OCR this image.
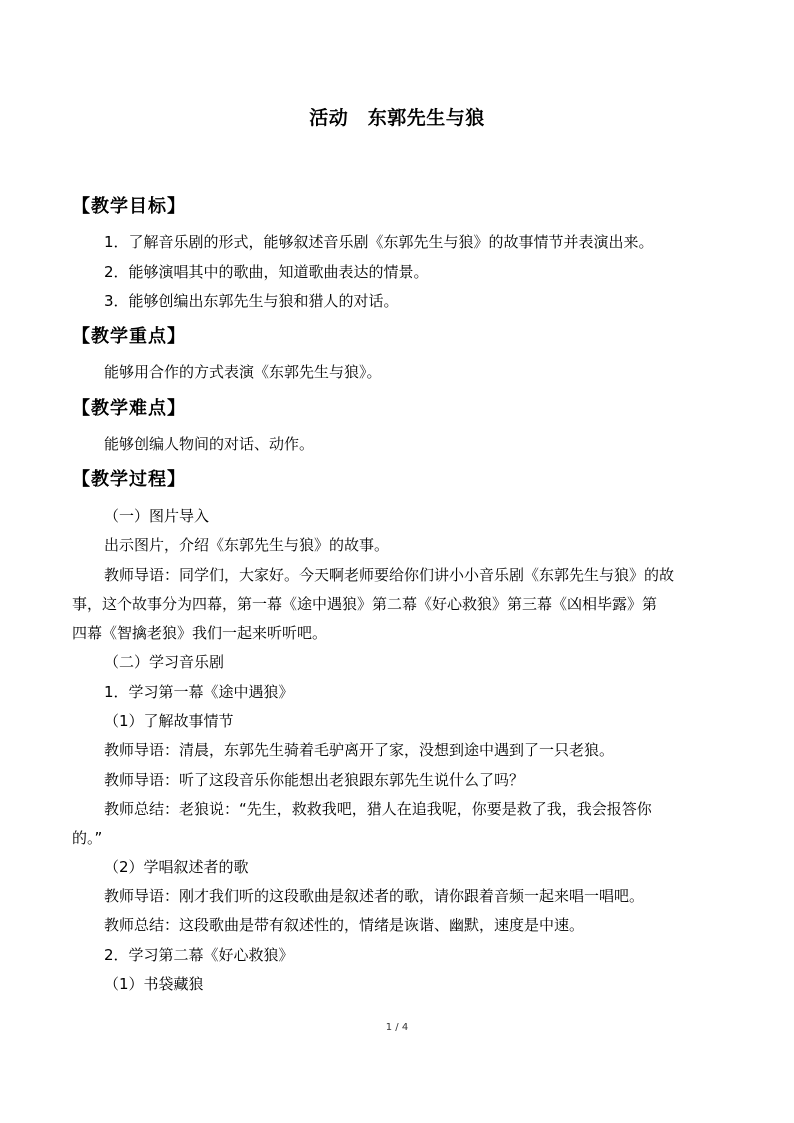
活动　东郭先生与狼
【教学目标】
1．了解音乐剧的形式，能够叙述音乐剧《东郭先生与狼》的故事情节并表演出来。
2．能够演唱其中的歌曲，知道歌曲表达的情景。
3．能够创编出东郭先生与狼和猎人的对话。
【教学重点】
能够用合作的方式表演《东郭先生与狼》。
【教学难点】
能够创编人物间的对话、动作。
【教学过程】
（一）图片导入
出示图片，介绍《东郭先生与狼》的故事。
教师导语：同学们，大家好。今天啊老师要给你们讲小小音乐剧《东郭先生与狼》的故
事，这个故事分为四幕，第一幕《途中遇狼》第二幕《好心救狼》第三幕《凶相毕露》第
四幕《智擒老狼》我们一起来听听吧。
（二）学习音乐剧
1．学习第一幕《途中遇狼》
（1）了解故事情节
教师导语：清晨，东郭先生骑着毛驴离开了家，没想到途中遇到了一只老狼。
教师导语：听了这段音乐你能想出老狼跟东郭先生说什么了吗？
教师总结：老狼说：“先生，救救我吧，猎人在追我呢，你要是救了我，我会报答你
的。”
（2）学唱叙述者的歌
教师导语：刚才我们听的这段歌曲是叙述者的歌，请你跟着音频一起来唱一唱吧。
教师总结：这段歌曲是带有叙述性的，情绪是诙谐、幽默，速度是中速。
2．学习第二幕《好心救狼》
（1）书袋藏狼
1 / 4
